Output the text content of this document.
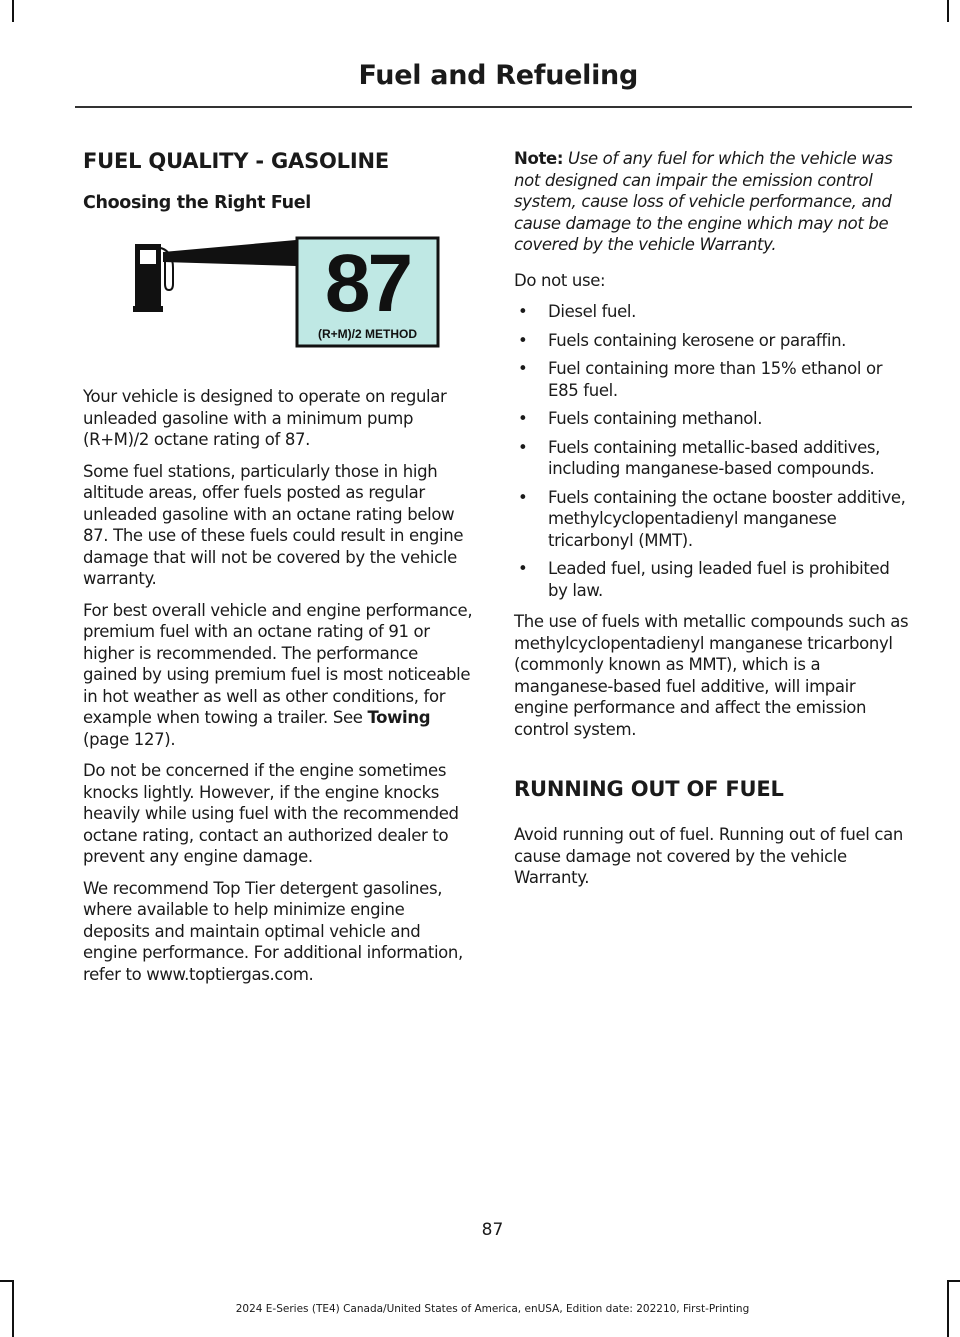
Fuel and Refueling
FUEL QUALITY - GASOLINE
Choosing the Right Fuel
87
(R+M)/2 METHOD

Your vehicle is designed to operate on regular unleaded gasoline with a minimum pump (R+M)/2 octane rating of 87.

Some fuel stations, particularly those in high altitude areas, offer fuels posted as regular unleaded gasoline with an octane rating below 87. The use of these fuels could result in engine damage that will not be covered by the vehicle warranty.

For best overall vehicle and engine performance, premium fuel with an octane rating of 91 or higher is recommended. The performance gained by using premium fuel is most noticeable in hot weather as well as other conditions, for example when towing a trailer. See Towing (page 127).

Do not be concerned if the engine sometimes knocks lightly. However, if the engine knocks heavily while using fuel with the recommended octane rating, contact an authorized dealer to prevent any engine damage.

We recommend Top Tier detergent gasolines, where available to help minimize engine deposits and maintain optimal vehicle and engine performance. For additional information, refer to www.toptiergas.com.

Note: Use of any fuel for which the vehicle was not designed can impair the emission control system, cause loss of vehicle performance, and cause damage to the engine which may not be covered by the vehicle Warranty.

Do not use:

• Diesel fuel.
• Fuels containing kerosene or paraffin.
• Fuel containing more than 15% ethanol or E85 fuel.
• Fuels containing methanol.
• Fuels containing metallic-based additives, including manganese-based compounds.
• Fuels containing the octane booster additive, methylcyclopentadienyl manganese tricarbonyl (MMT).
• Leaded fuel, using leaded fuel is prohibited by law.

The use of fuels with metallic compounds such as methylcyclopentadienyl manganese tricarbonyl (commonly known as MMT), which is a manganese-based fuel additive, will impair engine performance and affect the emission control system.

RUNNING OUT OF FUEL

Avoid running out of fuel. Running out of fuel can cause damage not covered by the vehicle Warranty.

87
2024 E-Series (TE4) Canada/United States of America, enUSA, Edition date: 202210, First-Printing
